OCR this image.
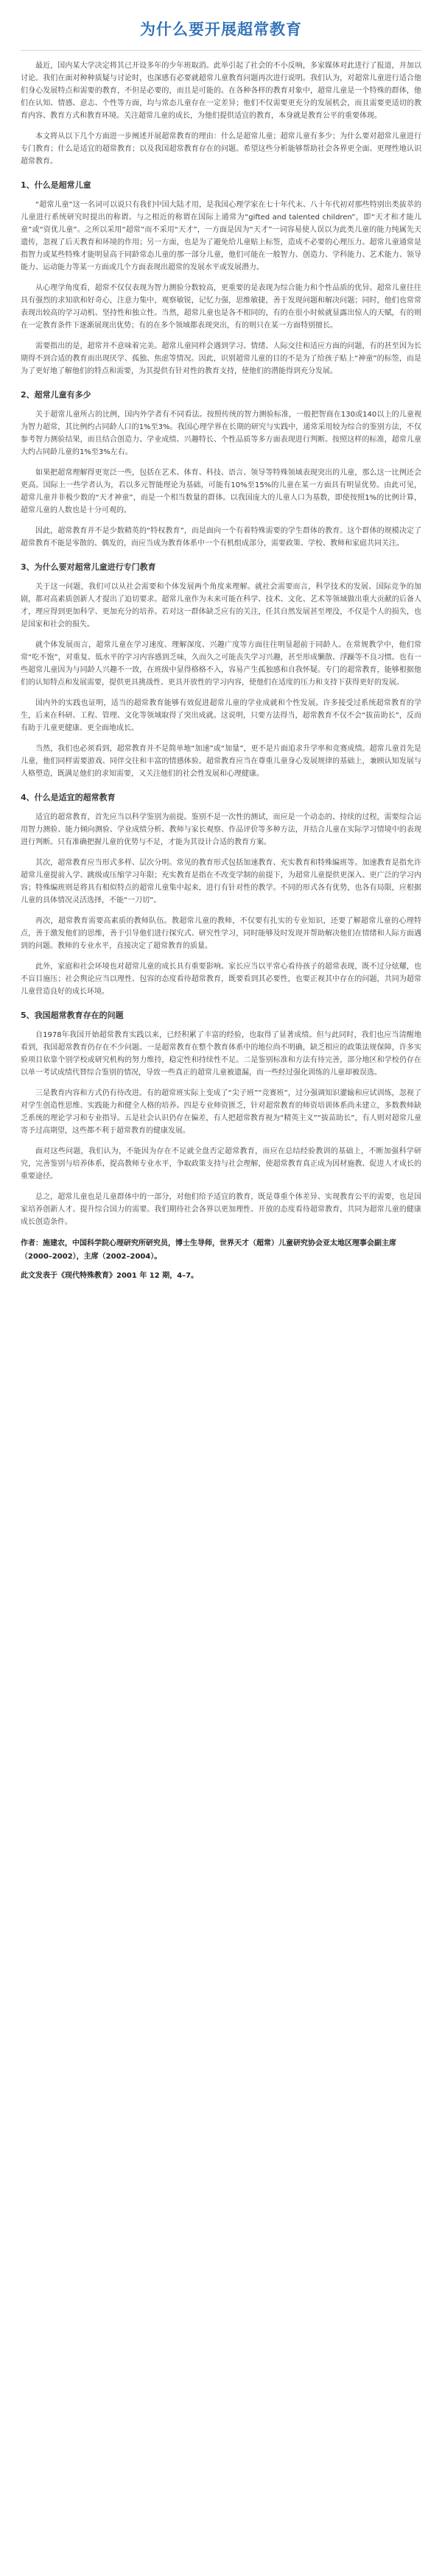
为什么要开展超常教育

最近，国内某大学决定将其已开设多年的少年班取消。此举引起了社会的不小反响，多家媒体对此进行了报道，并加以讨论。我们在面对种种质疑与讨论时，也深感有必要就超常儿童教育问题再次进行说明。我们认为，对超常儿童进行适合他们身心发展特点和需要的教育，不但是必要的，而且是可能的。在各种各样的教育对象中，超常儿童是一个特殊的群体，他们在认知、情感、意志、个性等方面，均与常态儿童存在一定差异；他们不仅需要更充分的发展机会，而且需要更适切的教育内容、教育方式和教育环境。关注超常儿童的成长，为他们提供适宜的教育，本身就是教育公平的重要体现。

本文将从以下几个方面进一步阐述开展超常教育的理由：什么是超常儿童；超常儿童有多少；为什么要对超常儿童进行专门教育；什么是适宜的超常教育；以及我国超常教育存在的问题。希望这些分析能够帮助社会各界更全面、更理性地认识超常教育。

1、什么是超常儿童

“超常儿童”这一名词可以说只有我们中国大陆才用，是我国心理学家在七十年代末、八十年代初对那些特别出类拔萃的儿童进行系统研究时提出的称谓。与之相近的称谓在国际上通常为“gifted and talented children”，即“天才和才能儿童”或“资优儿童”。之所以采用“超常”而不采用“天才”，一方面是因为“天才”一词容易使人误以为此类儿童的能力纯属先天遗传，忽视了后天教育和环境的作用；另一方面，也是为了避免给儿童贴上标签，造成不必要的心理压力。超常儿童通常是指智力或某些特殊才能明显高于同龄常态儿童的那一部分儿童，他们可能在一般智力、创造力、学科能力、艺术能力、领导能力、运动能力等某一方面或几个方面表现出超常的发展水平或发展潜力。

从心理学角度看，超常不仅仅表现为智力测验分数较高，更重要的是表现为综合能力和个性品质的优异。超常儿童往往具有强烈的求知欲和好奇心，注意力集中，观察敏锐，记忆力强，思维敏捷，善于发现问题和解决问题；同时，他们也常常表现出较高的学习动机、坚持性和独立性。当然，超常儿童也是各不相同的，有的在很小时候就显露出惊人的天赋，有的则在一定教育条件下逐渐展现出优势；有的在多个领域都表现突出，有的则只在某一方面特别擅长。

需要指出的是，超常并不意味着完美。超常儿童同样会遇到学习、情绪、人际交往和适应方面的问题，有的甚至因为长期得不到合适的教育而出现厌学、孤独、焦虑等情况。因此，识别超常儿童的目的不是为了给孩子贴上“神童”的标签，而是为了更好地了解他们的特点和需要，为其提供有针对性的教育支持，使他们的潜能得到充分发展。

2、超常儿童有多少

关于超常儿童所占的比例，国内外学者有不同看法。按照传统的智力测验标准，一般把智商在130或140以上的儿童视为智力超常，其比例约占同龄人口的1%至3%。我国心理学界在长期的研究与实践中，通常采用较为综合的鉴别方法，不仅参考智力测验结果，而且结合创造力、学业成绩、兴趣特长、个性品质等多方面表现进行判断。按照这样的标准，超常儿童大约占同龄儿童的1%至3%左右。

如果把超常理解得更宽泛一些，包括在艺术、体育、科技、语言、领导等特殊领域表现突出的儿童，那么这一比例还会更高。国际上一些学者认为，若以多元智能理论为基础，可能有10%至15%的儿童在某一方面具有明显优势。由此可见，超常儿童并非极少数的“天才神童”，而是一个相当数量的群体。以我国庞大的儿童人口为基数，即使按照1%的比例计算，超常儿童的人数也是十分可观的。

因此，超常教育并不是少数精英的“特权教育”，而是面向一个有着特殊需要的学生群体的教育。这个群体的规模决定了超常教育不能是零散的、偶发的，而应当成为教育体系中一个有机组成部分，需要政策、学校、教师和家庭共同关注。

3、为什么要对超常儿童进行专门教育

关于这一问题，我们可以从社会需要和个体发展两个角度来理解。就社会需要而言，科学技术的发展、国际竞争的加剧，都对高素质创新人才提出了迫切要求。超常儿童作为未来可能在科学、技术、文化、艺术等领域做出重大贡献的后备人才，理应得到更加科学、更加充分的培养。若对这一群体缺乏应有的关注，任其自然发展甚至埋没，不仅是个人的损失，也是国家和社会的损失。

就个体发展而言，超常儿童在学习速度、理解深度、兴趣广度等方面往往明显超前于同龄人。在常规教学中，他们常常“吃不饱”，对重复、低水平的学习内容感到乏味，久而久之可能丧失学习兴趣，甚至形成懒散、浮躁等不良习惯。也有一些超常儿童因为与同龄人兴趣不一致，在班级中显得格格不入，容易产生孤独感和自我怀疑。专门的超常教育，能够根据他们的认知特点和发展需要，提供更具挑战性、更具开放性的学习内容，使他们在适度的压力和支持下获得更好的发展。

国内外的实践也证明，适当的超常教育能够有效促进超常儿童的学业成就和个性发展。许多接受过系统超常教育的学生，后来在科研、工程、管理、文化等领域取得了突出成就。这说明，只要方法得当，超常教育不仅不会“拔苗助长”，反而有助于儿童更健康、更全面地成长。

当然，我们也必须看到，超常教育并不是简单地“加速”或“加量”，更不是片面追求升学率和竞赛成绩。超常儿童首先是儿童，他们同样需要游戏、同伴交往和丰富的情感体验。超常教育应当在尊重儿童身心发展规律的基础上，兼顾认知发展与人格塑造，既满足他们的求知需要，又关注他们的社会性发展和心理健康。

4、什么是适宜的超常教育

适宜的超常教育，首先应当以科学鉴别为前提。鉴别不是一次性的测试，而应是一个动态的、持续的过程，需要综合运用智力测验、能力倾向测验、学业成绩分析、教师与家长观察、作品评价等多种方法，并结合儿童在实际学习情境中的表现进行判断。只有准确把握儿童的优势与不足，才能为其设计合适的教育方案。

其次，超常教育应当形式多样、层次分明。常见的教育形式包括加速教育、充实教育和特殊编班等。加速教育是指允许超常儿童提前入学、跳级或压缩学习年限；充实教育是指在不改变学制的前提下，为超常儿童提供更深入、更广泛的学习内容；特殊编班则是将具有相似特点的超常儿童集中起来，进行有针对性的教学。不同的形式各有优势，也各有局限，应根据儿童的具体情况灵活选择，不能“一刀切”。

再次，超常教育需要高素质的教师队伍。教超常儿童的教师，不仅要有扎实的专业知识，还要了解超常儿童的心理特点，善于激发他们的思维，善于引导他们进行探究式、研究性学习，同时能够及时发现并帮助解决他们在情绪和人际方面遇到的问题。教师的专业水平，直接决定了超常教育的质量。

此外，家庭和社会环境也对超常儿童的成长具有重要影响。家长应当以平常心看待孩子的超常表现，既不过分炫耀，也不盲目施压；社会舆论应当以理性、包容的态度看待超常教育，既要看到其必要性，也要正视其中存在的问题，共同为超常儿童营造良好的成长环境。

5、我国超常教育存在的问题

自1978年我国开始超常教育实践以来，已经积累了丰富的经验，也取得了显著成绩。但与此同时，我们也应当清醒地看到，我国超常教育仍存在不少问题。一是超常教育在整个教育体系中的地位尚不明确，缺乏相应的政策法规保障，许多实验项目依靠个别学校或研究机构的努力维持，稳定性和持续性不足。二是鉴别标准和方法有待完善，部分地区和学校仍存在以单一考试成绩代替综合鉴别的情况，导致一些真正的超常儿童被遗漏，而一些经过强化训练的儿童却被误选。

三是教育内容和方式仍有待改进。有的超常班实际上变成了“尖子班”“竞赛班”，过分强调知识灌输和应试训练，忽视了对学生创造性思维、实践能力和健全人格的培养。四是专业师资匮乏，针对超常教育的师资培训体系尚未建立，多数教师缺乏系统的理论学习和专业指导。五是社会认识仍存在偏差，有人把超常教育视为“精英主义”“拔苗助长”，有人则对超常儿童寄予过高期望，这些都不利于超常教育的健康发展。

面对这些问题，我们认为，不能因为存在不足就全盘否定超常教育，而应在总结经验教训的基础上，不断加强科学研究，完善鉴别与培养体系，提高教师专业水平，争取政策支持与社会理解，使超常教育真正成为因材施教、促进人才成长的重要途径。

总之，超常儿童也是儿童群体中的一部分，对他们给予适宜的教育，既是尊重个体差异、实现教育公平的需要，也是国家培养创新人才、提升综合国力的需要。我们期待社会各界以更加理性、开放的态度看待超常教育，共同为超常儿童的健康成长创造条件。

作者：施建农，中国科学院心理研究所研究员，博士生导师，世界天才（超常）儿童研究协会亚太地区理事会副主席（2000–2002），主席（2002–2004）。
此文发表于《现代特殊教育》2001 年 12 期，4–7。
